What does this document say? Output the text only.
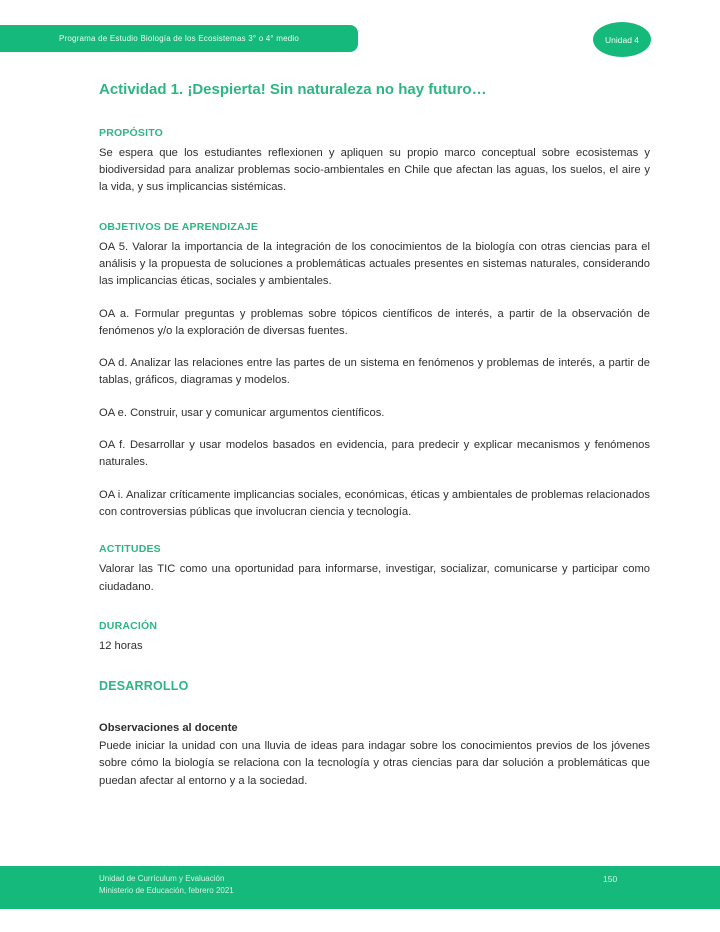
Programa de Estudio Biología de los Ecosistemas 3° o 4° medio	Unidad 4
Actividad 1. ¡Despierta! Sin naturaleza no hay futuro…
PROPÓSITO

Se espera que los estudiantes reflexionen y apliquen su propio marco conceptual sobre ecosistemas y biodiversidad para analizar problemas socio-ambientales en Chile que afectan las aguas, los suelos, el aire y la vida, y sus implicancias sistémicas.

OBJETIVOS DE APRENDIZAJE

OA 5. Valorar la importancia de la integración de los conocimientos de la biología con otras ciencias para el análisis y la propuesta de soluciones a problemáticas actuales presentes en sistemas naturales, considerando las implicancias éticas, sociales y ambientales.

OA a. Formular preguntas y problemas sobre tópicos científicos de interés, a partir de la observación de fenómenos y/o la exploración de diversas fuentes.

OA d. Analizar las relaciones entre las partes de un sistema en fenómenos y problemas de interés, a partir de tablas, gráficos, diagramas y modelos.

OA e. Construir, usar y comunicar argumentos científicos.

OA f. Desarrollar y usar modelos basados en evidencia, para predecir y explicar mecanismos y fenómenos naturales.

OA i. Analizar críticamente implicancias sociales, económicas, éticas y ambientales de problemas relacionados con controversias públicas que involucran ciencia y tecnología.

ACTITUDES

Valorar las TIC como una oportunidad para informarse, investigar, socializar, comunicarse y participar como ciudadano.

DURACIÓN

12 horas

DESARROLLO
Observaciones al docente

Puede iniciar la unidad con una lluvia de ideas para indagar sobre los conocimientos previos de los jóvenes sobre cómo la biología se relaciona con la tecnología y otras ciencias para dar solución a problemáticas que puedan afectar al entorno y a la sociedad.

Unidad de Currículum y Evaluación
Ministerio de Educación, febrero 2021
150
